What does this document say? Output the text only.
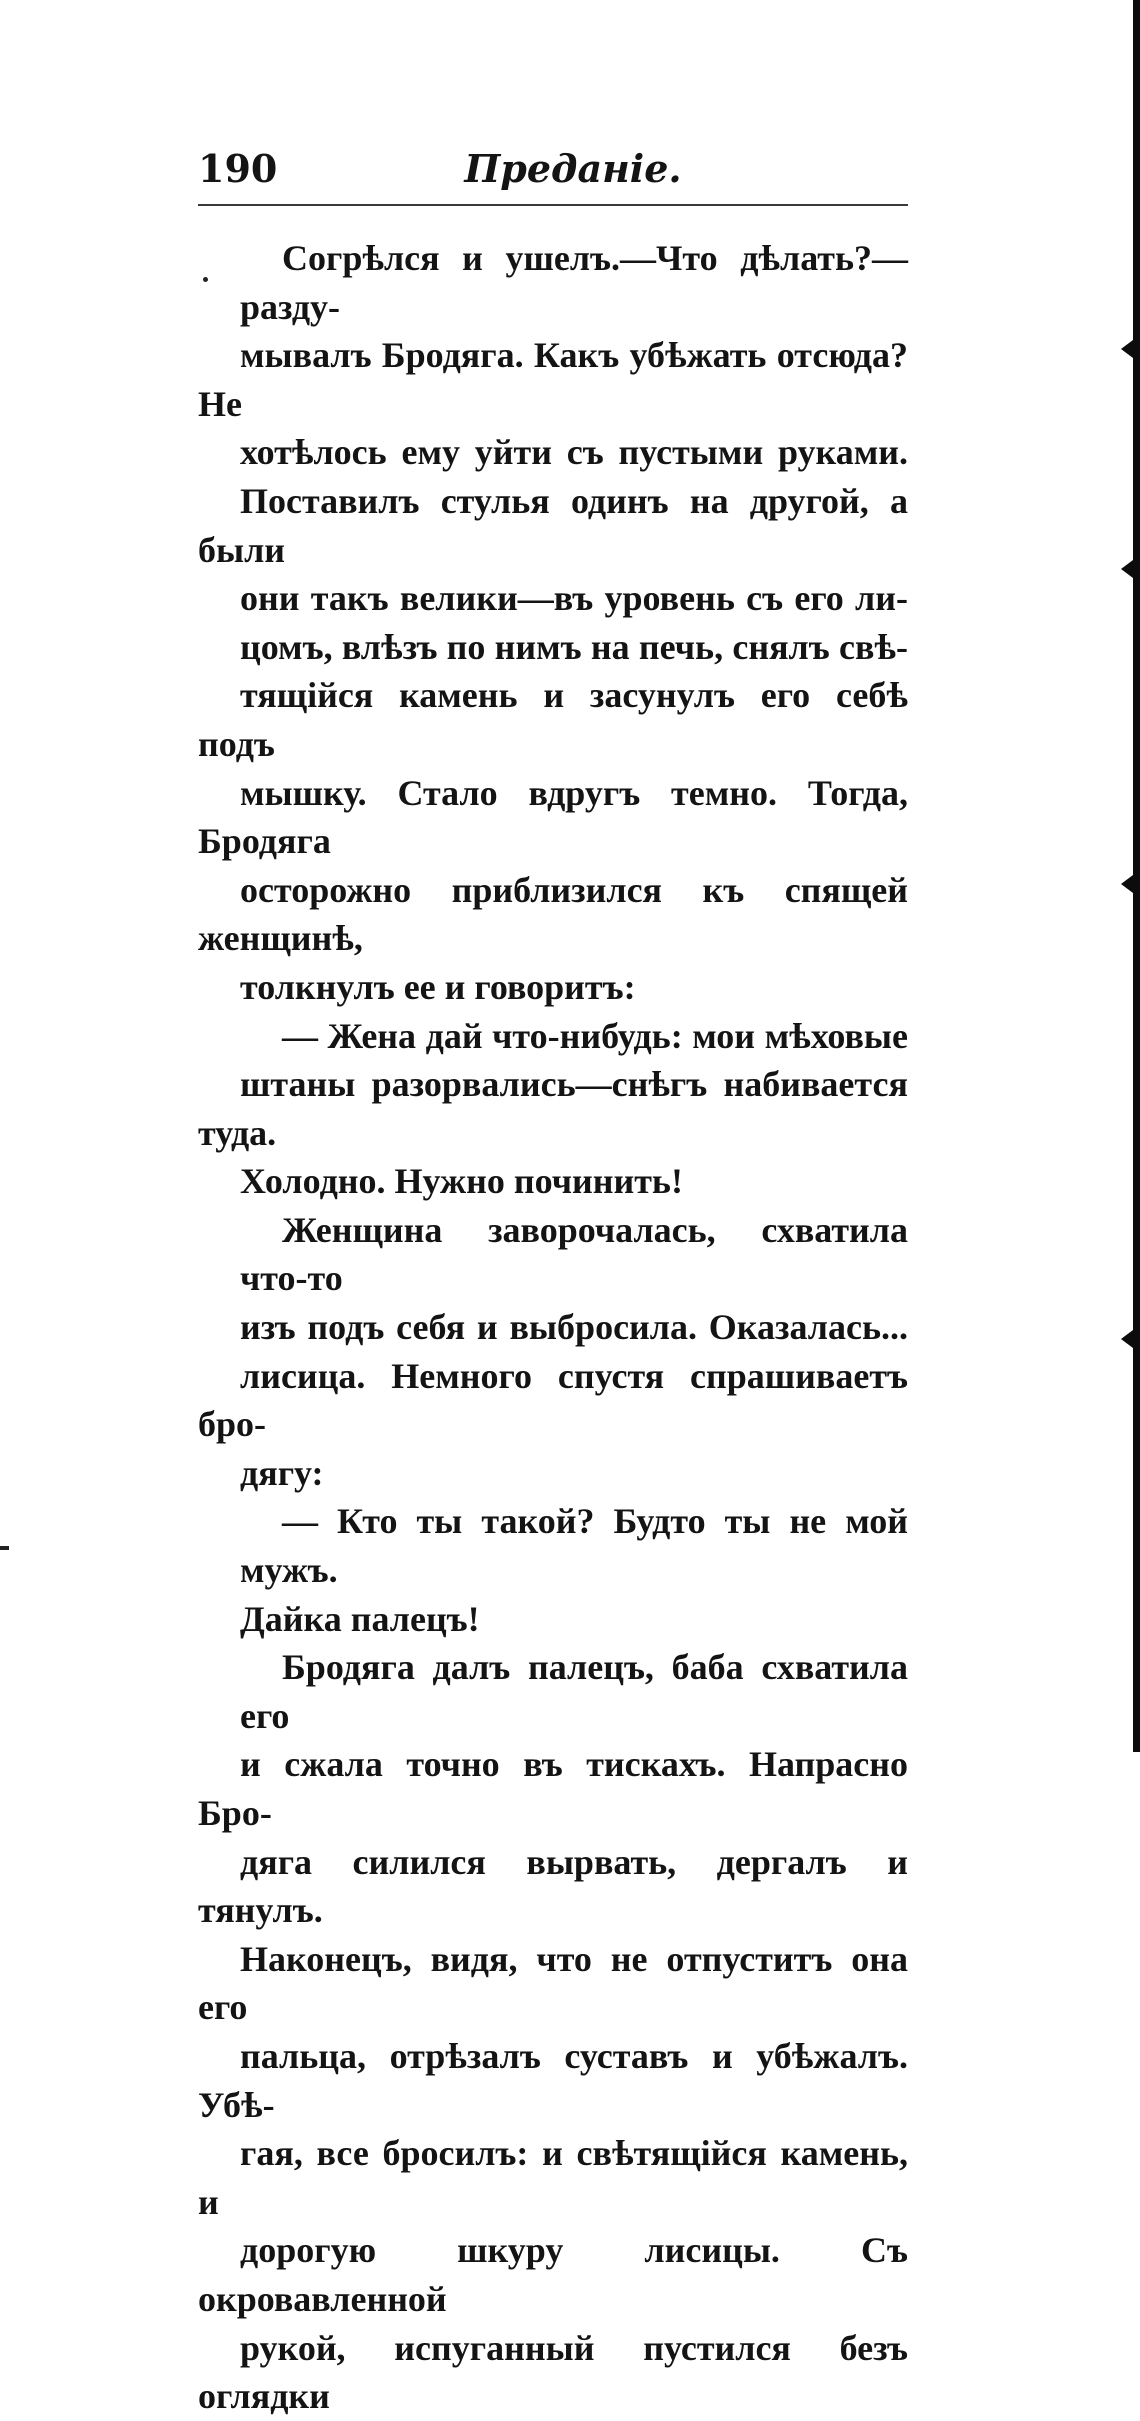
190	Преданіе.

Согрѣлся и ушелъ.—Что дѣлать?—разду-
мывалъ Бродяга. Какъ убѣжать отсюда? Не
хотѣлось ему уйти съ пустыми руками.
Поставилъ стулья одинъ на другой, а были
они такъ велики—въ уровень съ его ли-
цомъ, влѣзъ по нимъ на печь, снялъ свѣ-
тящійся камень и засунулъ его себѣ подъ
мышку. Стало вдругъ темно. Тогда, Бродяга
осторожно приблизился къ спящей женщинѣ,
толкнулъ ее и говоритъ:

— Жена дай что-нибудь: мои мѣховые
штаны разорвались—снѣгъ набивается туда.
Холодно. Нужно починить!

Женщина заворочалась, схватила что-то
изъ подъ себя и выбросила. Оказалась...
лисица. Немного спустя спрашиваетъ бро-
дягу:

— Кто ты такой? Будто ты не мой мужъ.
Дайка палецъ!

Бродяга далъ палецъ, баба схватила его
и сжала точно въ тискахъ. Напрасно Бро-
дяга силился вырвать, дергалъ и тянулъ.
Наконецъ, видя, что не отпуститъ она его
пальца, отрѣзалъ суставъ и убѣжалъ. Убѣ-
гая, все бросилъ: и свѣтящійся камень, и
дорогую шкуру лисицы. Съ окровавленной
рукой, испуганный пустился безъ оглядки
